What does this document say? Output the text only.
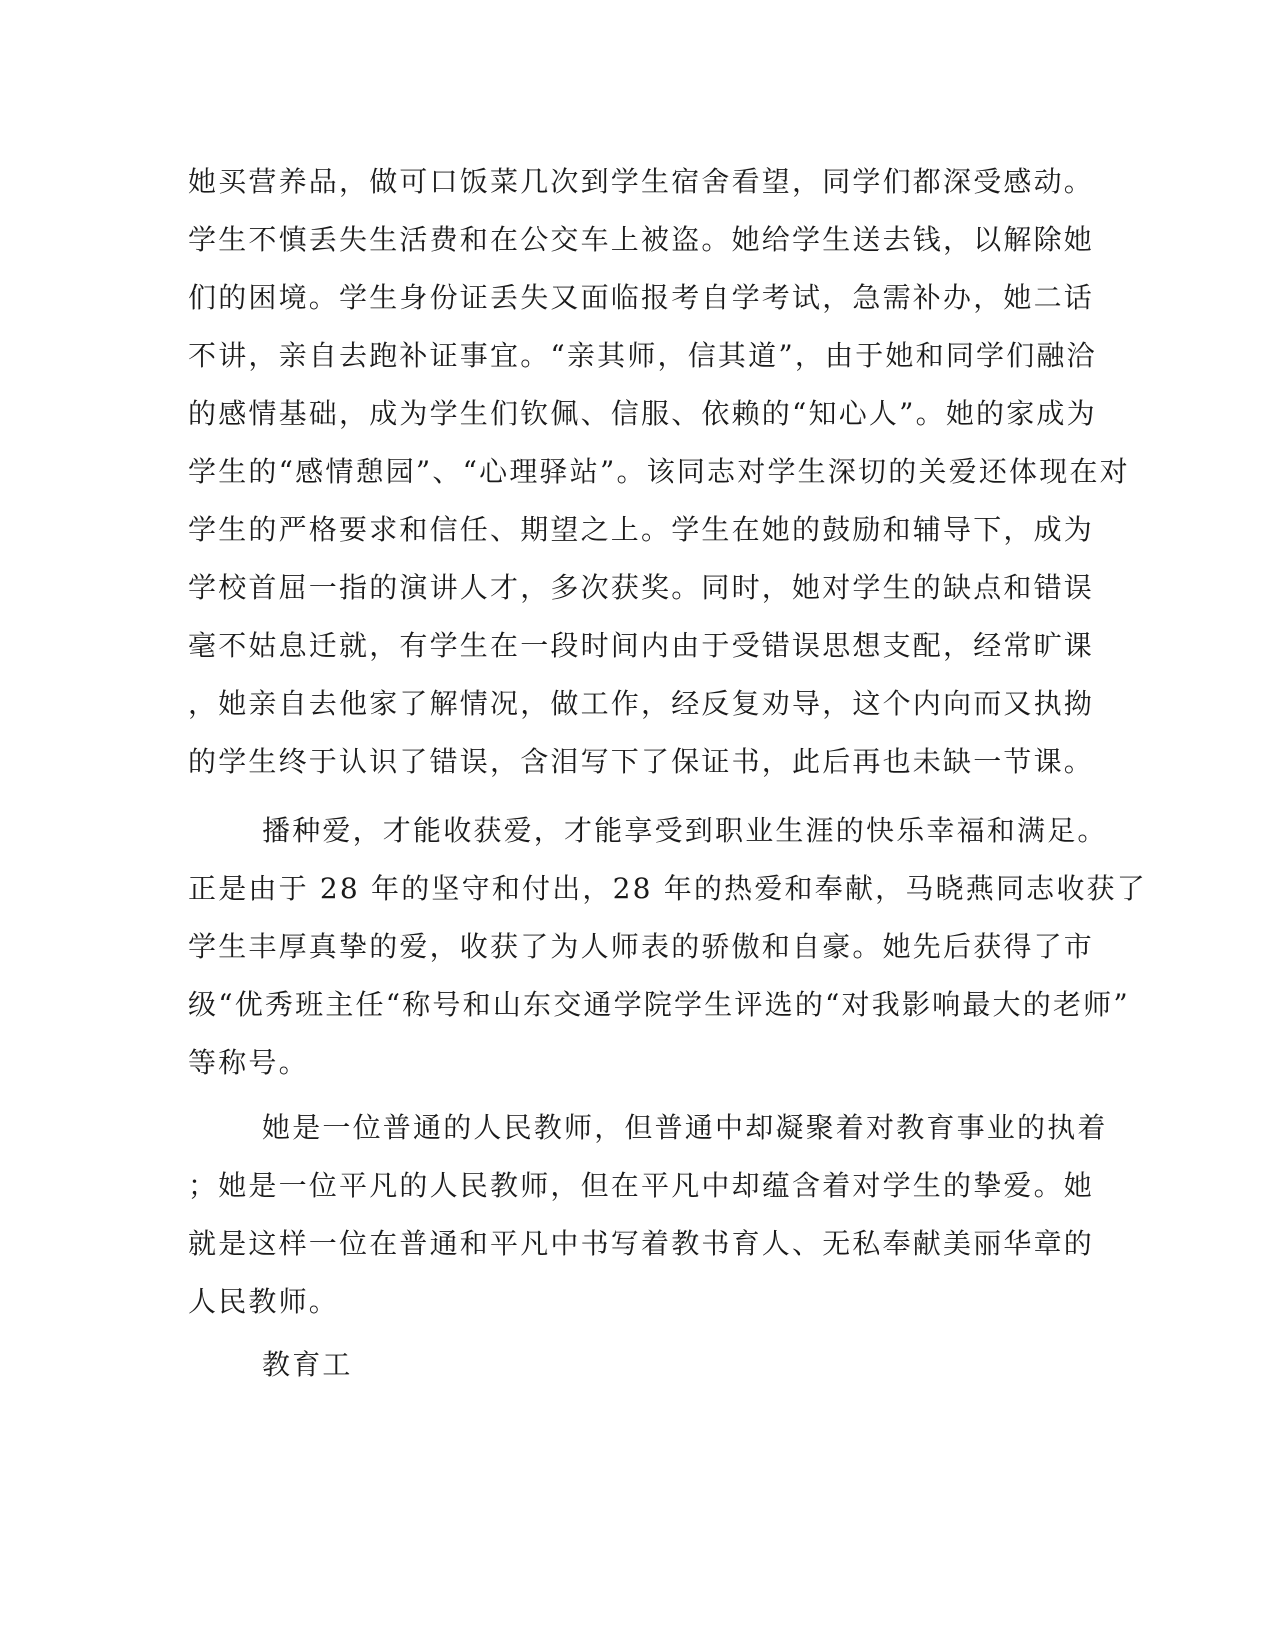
她买营养品，做可口饭菜几次到学生宿舍看望，同学们都深受感动。
学生不慎丢失生活费和在公交车上被盗。她给学生送去钱，以解除她
们的困境。学生身份证丢失又面临报考自学考试，急需补办，她二话
不讲，亲自去跑补证事宜。“亲其师，信其道”，由于她和同学们融洽
的感情基础，成为学生们钦佩、信服、依赖的“知心人”。她的家成为
学生的“感情憩园”、“心理驿站”。该同志对学生深切的关爱还体现在对
学生的严格要求和信任、期望之上。学生在她的鼓励和辅导下，成为
学校首屈一指的演讲人才，多次获奖。同时，她对学生的缺点和错误
毫不姑息迁就，有学生在一段时间内由于受错误思想支配，经常旷课
，她亲自去他家了解情况，做工作，经反复劝导，这个内向而又执拗
的学生终于认识了错误，含泪写下了保证书，此后再也未缺一节课。
播种爱，才能收获爱，才能享受到职业生涯的快乐幸福和满足。
正是由于 28 年的坚守和付出，28 年的热爱和奉献，马晓燕同志收获了
学生丰厚真挚的爱，收获了为人师表的骄傲和自豪。她先后获得了市
级“优秀班主任“称号和山东交通学院学生评选的“对我影响最大的老师”
等称号。
她是一位普通的人民教师，但普通中却凝聚着对教育事业的执着
；她是一位平凡的人民教师，但在平凡中却蕴含着对学生的挚爱。她
就是这样一位在普通和平凡中书写着教书育人、无私奉献美丽华章的
人民教师。
教育工
